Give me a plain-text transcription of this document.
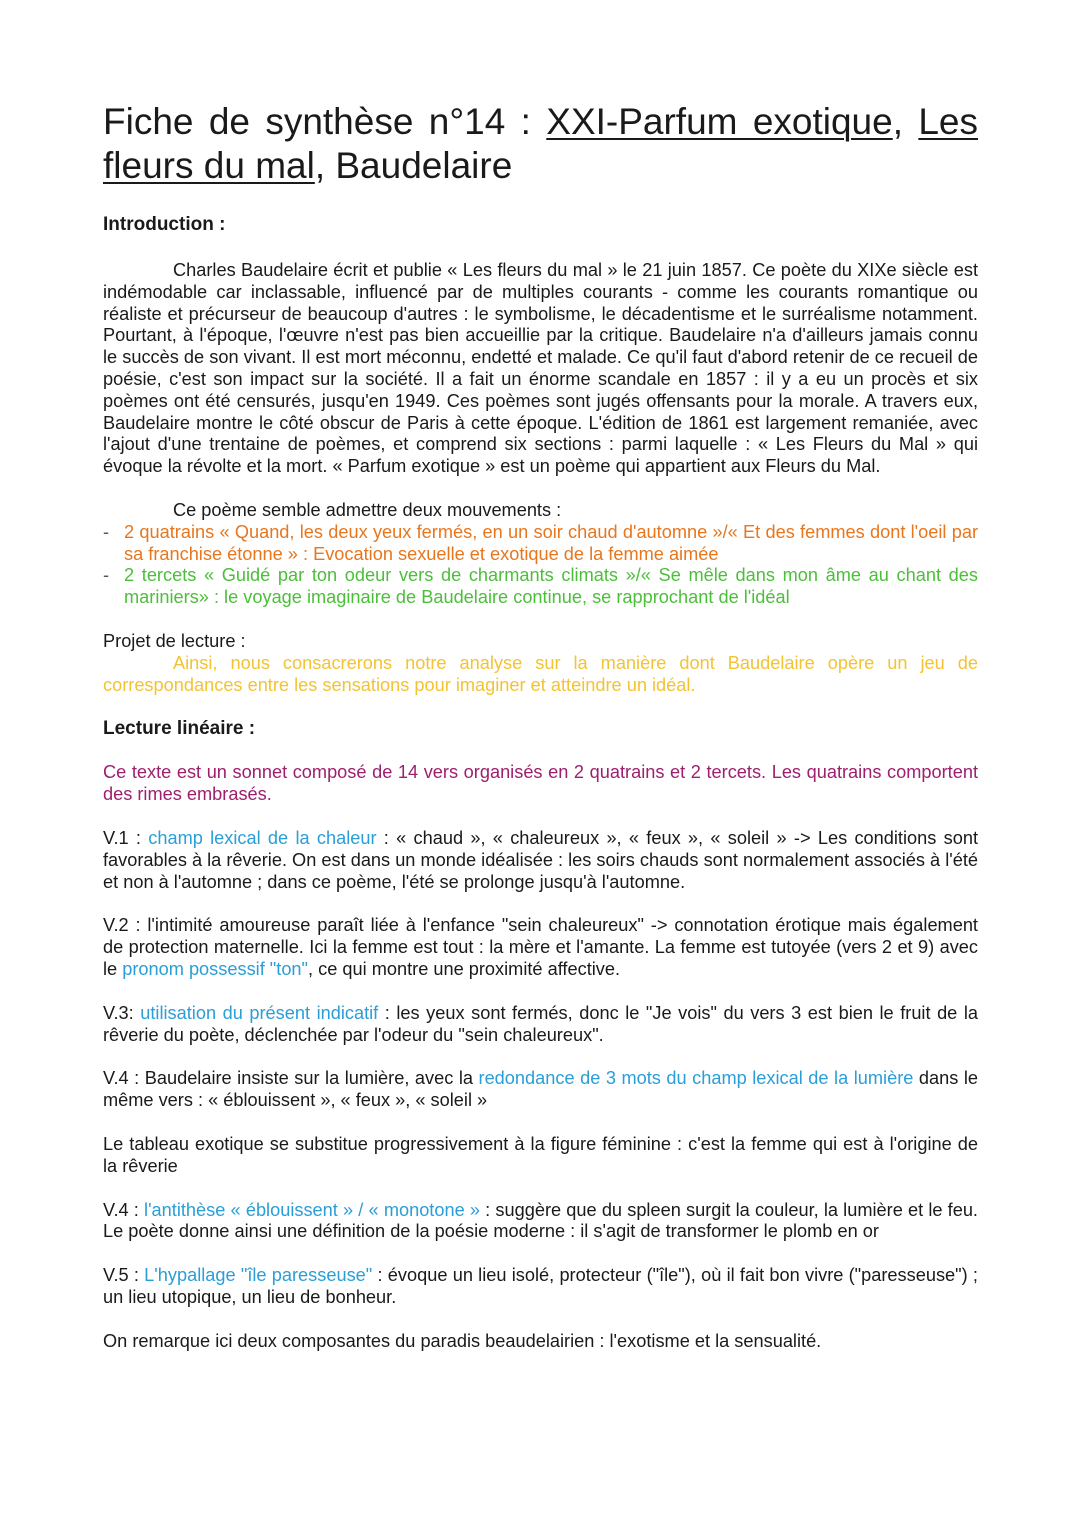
Fiche de synthèse n°14 : XXI-Parfum exotique, Les fleurs du mal, Baudelaire
Introduction :

Charles Baudelaire écrit et publie « Les fleurs du mal » le 21 juin 1857. Ce poète du XIXe siècle est indémodable car inclassable, influencé par de multiples courants - comme les courants romantique ou réaliste et précurseur de beaucoup d'autres : le symbolisme, le décadentisme et le surréalisme notamment. Pourtant, à l'époque, l'œuvre n'est pas bien accueillie par la critique. Baudelaire n'a d'ailleurs jamais connu le succès de son vivant. Il est mort méconnu, endetté et malade. Ce qu'il faut d'abord retenir de ce recueil de poésie, c'est son impact sur la société. Il a fait un énorme scandale en 1857 : il y a eu un procès et six poèmes ont été censurés, jusqu'en 1949. Ces poèmes sont jugés offensants pour la morale. A travers eux, Baudelaire montre le côté obscur de Paris à cette époque. L'édition de 1861 est largement remaniée, avec l'ajout d'une trentaine de poèmes, et comprend six sections : parmi laquelle : « Les Fleurs du Mal » qui évoque la révolte et la mort. « Parfum exotique » est un poème qui appartient aux Fleurs du Mal.

Ce poème semble admettre deux mouvements :

- 2 quatrains « Quand, les deux yeux fermés, en un soir chaud d'automne »/« Et des femmes dont l'oeil par sa franchise étonne » : Evocation sexuelle et exotique de la femme aimée
- 2 tercets « Guidé par ton odeur vers de charmants climats »/« Se mêle dans mon âme au chant des mariniers» : le voyage imaginaire de Baudelaire continue, se rapprochant de l'idéal

Projet de lecture :

Ainsi, nous consacrerons notre analyse sur la manière dont Baudelaire opère un jeu de correspondances entre les sensations pour imaginer et atteindre un idéal.

Lecture linéaire :

Ce texte est un sonnet composé de 14 vers organisés en 2 quatrains et 2 tercets. Les quatrains comportent des rimes embrasés.

V.1 : champ lexical de la chaleur : « chaud », « chaleureux », « feux », « soleil » -> Les conditions sont favorables à la rêverie. On est dans un monde idéalisée : les soirs chauds sont normalement associés à l'été et non à l'automne ; dans ce poème, l'été se prolonge jusqu'à l'automne.

V.2 : l'intimité amoureuse paraît liée à l'enfance "sein chaleureux" -> connotation érotique mais également de protection maternelle. Ici la femme est tout : la mère et l'amante. La femme est tutoyée (vers 2 et 9) avec le pronom possessif "ton", ce qui montre une proximité affective.

V.3: utilisation du présent indicatif : les yeux sont fermés, donc le "Je vois" du vers 3 est bien le fruit de la rêverie du poète, déclenchée par l'odeur du "sein chaleureux".

V.4 : Baudelaire insiste sur la lumière, avec la redondance de 3 mots du champ lexical de la lumière dans le même vers : « éblouissent », « feux », « soleil »

Le tableau exotique se substitue progressivement à la figure féminine : c'est la femme qui est à l'origine de la rêverie

V.4 : l'antithèse « éblouissent » / « monotone » : suggère que du spleen surgit la couleur, la lumière et le feu. Le poète donne ainsi une définition de la poésie moderne : il s'agit de transformer le plomb en or

V.5 : L'hypallage "île paresseuse" : évoque un lieu isolé, protecteur ("île"), où il fait bon vivre ("paresseuse") ; un lieu utopique, un lieu de bonheur.

On remarque ici deux composantes du paradis beaudelairien : l'exotisme et la sensualité.
